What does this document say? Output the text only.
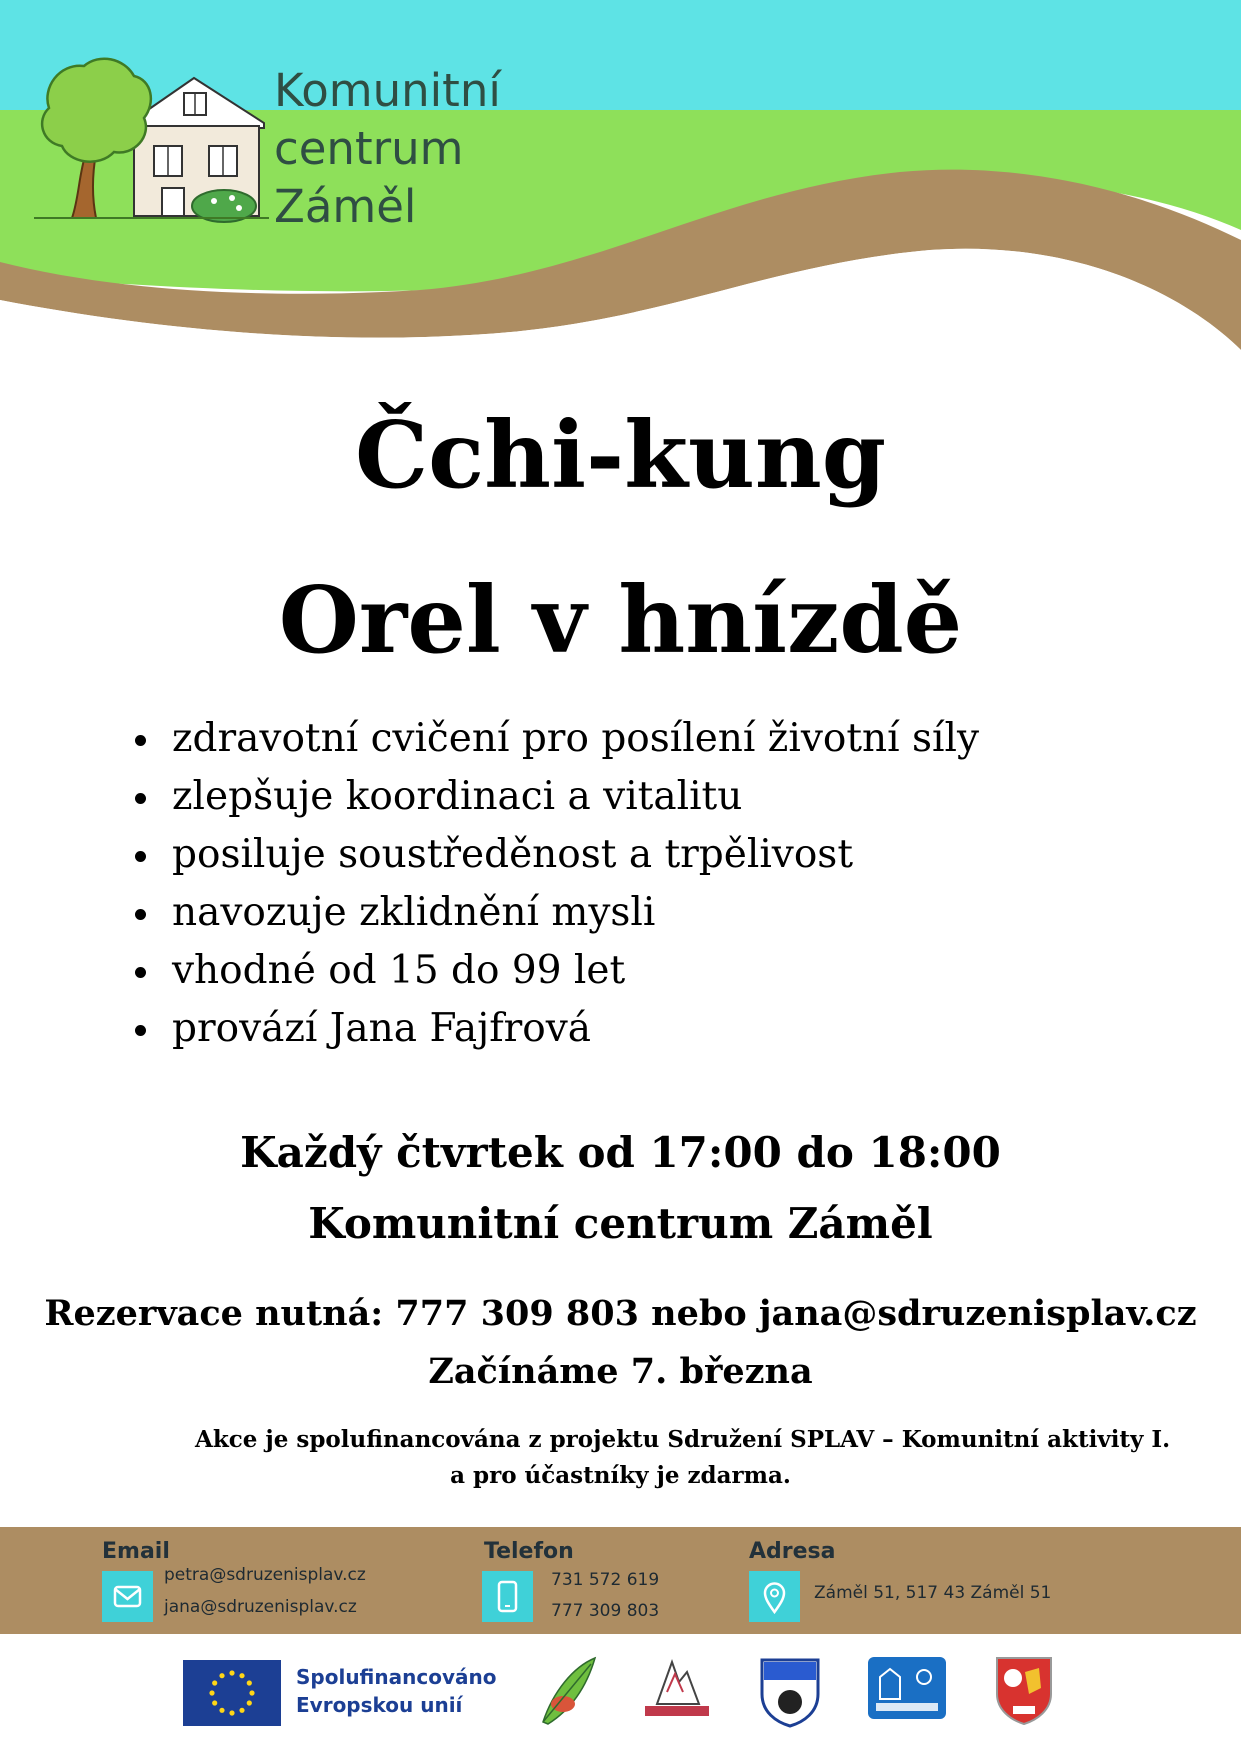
Komunitní
centrum
Záměl
Čchi-kung
Orel v hnízdě
zdravotní cvičení pro posílení životní síly
zlepšuje koordinaci a vitalitu
posiluje soustředěnost a trpělivost
navozuje zklidnění mysli
vhodné od 15 do 99 let
provází Jana Fajfrová
Každý čtvrtek od 17:00 do 18:00
Komunitní centrum Záměl
Rezervace nutná: 777 309 803 nebo jana@sdruzenisplav.cz
Začínáme 7. března
Akce je spolufinancována z projektu Sdružení SPLAV – Komunitní aktivity I.
a pro účastníky je zdarma.
Email
petra@sdruzenisplav.cz
jana@sdruzenisplav.cz
Telefon
731 572 619
777 309 803
Adresa
Záměl 51, 517 43 Záměl 51
Spolufinancováno
Evropskou unií
